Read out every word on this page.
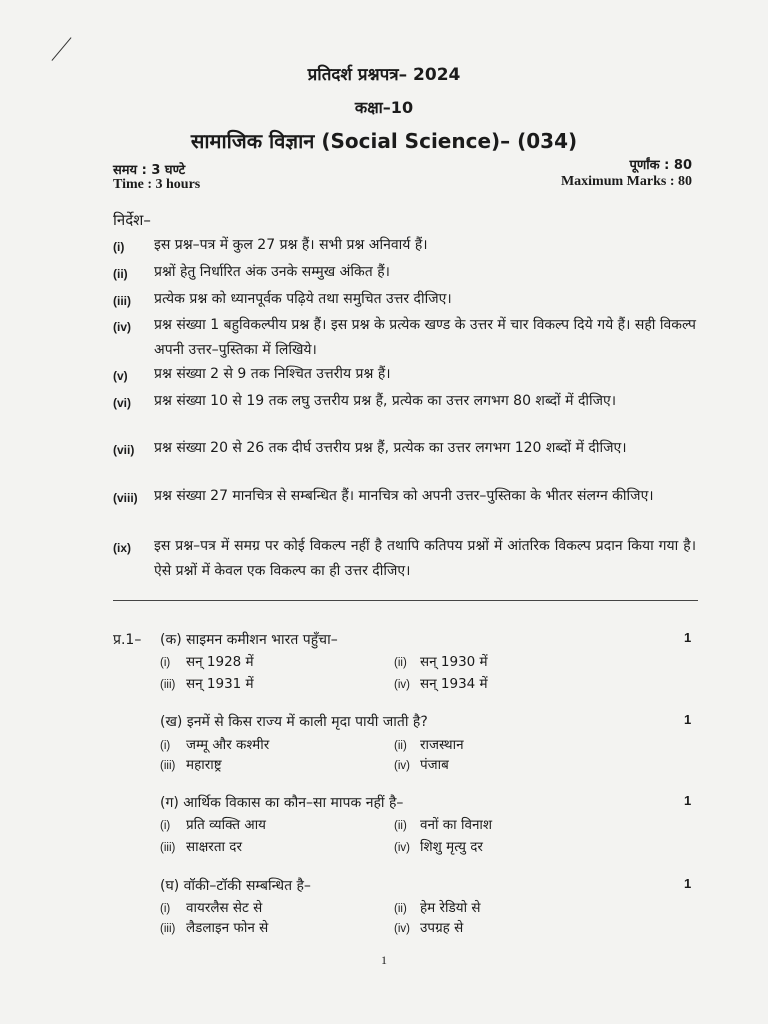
प्रतिदर्श प्रश्नपत्र– 2024
कक्षा–10
सामाजिक विज्ञान (Social Science)– (034)
समय : 3 घण्टे
Time : 3 hours
पूर्णांक : 80
Maximum Marks : 80
निर्देश–
(i) इस प्रश्न–पत्र में कुल 27 प्रश्न हैं। सभी प्रश्न अनिवार्य हैं।
(ii) प्रश्नों हेतु निर्धारित अंक उनके सम्मुख अंकित हैं।
(iii) प्रत्येक प्रश्न को ध्यानपूर्वक पढ़िये तथा समुचित उत्तर दीजिए।
(iv) प्रश्न संख्या 1 बहुविकल्पीय प्रश्न हैं। इस प्रश्न के प्रत्येक खण्ड के उत्तर में चार विकल्प दिये गये हैं। सही विकल्प अपनी उत्तर–पुस्तिका में लिखिये।
(v) प्रश्न संख्या 2 से 9 तक निश्चित उत्तरीय प्रश्न हैं।
(vi) प्रश्न संख्या 10 से 19 तक लघु उत्तरीय प्रश्न हैं, प्रत्येक का उत्तर लगभग 80 शब्दों में दीजिए।
(vii) प्रश्न संख्या 20 से 26 तक दीर्घ उत्तरीय प्रश्न हैं, प्रत्येक का उत्तर लगभग 120 शब्दों में दीजिए।
(viii) प्रश्न संख्या 27 मानचित्र से सम्बन्धित हैं। मानचित्र को अपनी उत्तर–पुस्तिका के भीतर संलग्न कीजिए।
(ix) इस प्रश्न–पत्र में समग्र पर कोई विकल्प नहीं है तथापि कतिपय प्रश्नों में आंतरिक विकल्प प्रदान किया गया है। ऐसे प्रश्नों में केवल एक विकल्प का ही उत्तर दीजिए।
प्र.1– (क) साइमन कमीशन भारत पहुँचा–	1
(i) सन् 1928 में	(ii) सन् 1930 में
(iii) सन् 1931 में	(iv) सन् 1934 में
(ख) इनमें से किस राज्य में काली मृदा पायी जाती है?	1
(i) जम्मू और कश्मीर	(ii) राजस्थान
(iii) महाराष्ट्र	(iv) पंजाब
(ग) आर्थिक विकास का कौन–सा मापक नहीं है–	1
(i) प्रति व्यक्ति आय	(ii) वनों का विनाश
(iii) साक्षरता दर	(iv) शिशु मृत्यु दर
(घ) वॉकी–टॉकी सम्बन्धित है–	1
(i) वायरलैस सेट से	(ii) हेम रेडियो से
(iii) लैडलाइन फोन से	(iv) उपग्रह से
1
